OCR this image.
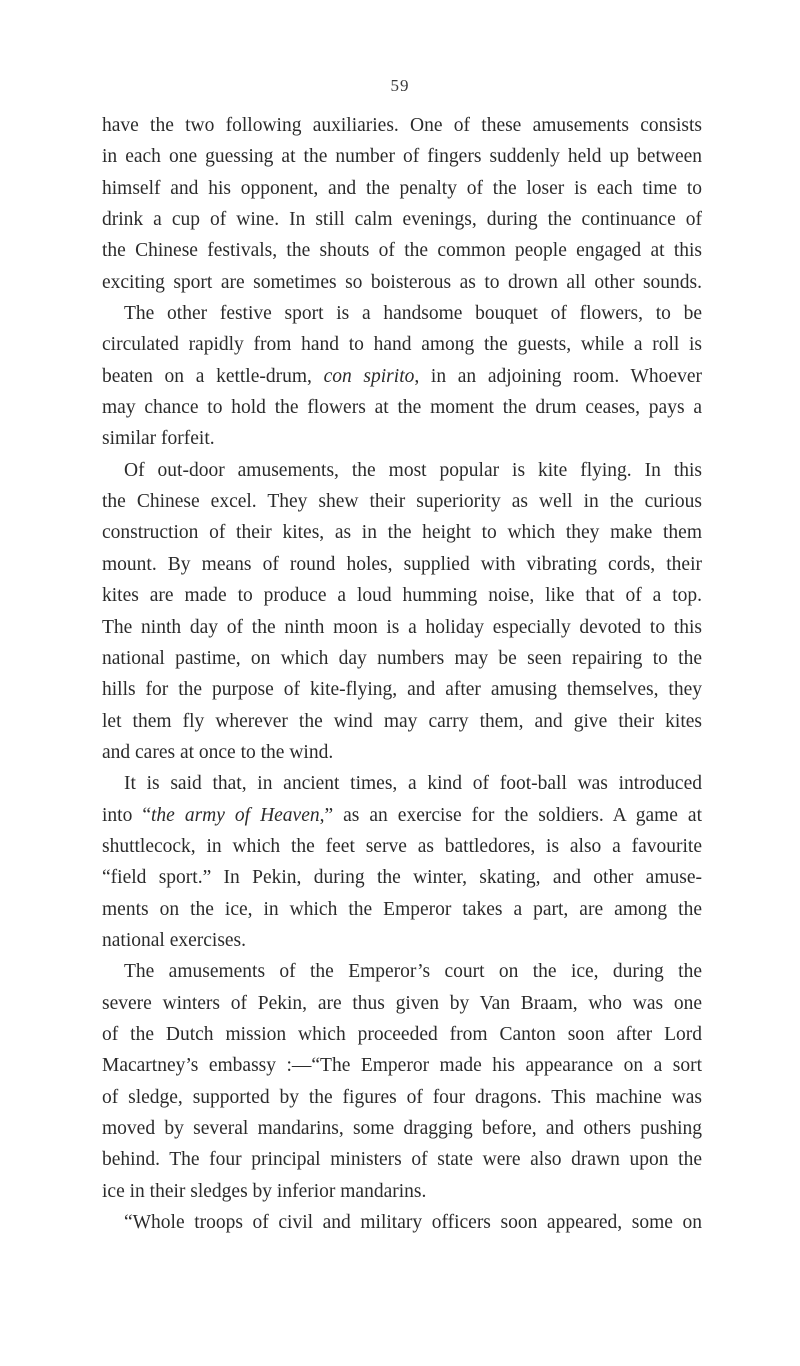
59
have the two following auxiliaries. One of these amusements consists
in each one guessing at the number of fingers suddenly held up between
himself and his opponent, and the penalty of the loser is each time to
drink a cup of wine. In still calm evenings, during the continuance of
the Chinese festivals, the shouts of the common people engaged at this
exciting sport are sometimes so boisterous as to drown all other sounds.
The other festive sport is a handsome bouquet of flowers, to be
circulated rapidly from hand to hand among the guests, while a roll is
beaten on a kettle-drum, con spirito, in an adjoining room. Whoever
may chance to hold the flowers at the moment the drum ceases, pays a
similar forfeit.
Of out-door amusements, the most popular is kite flying. In this
the Chinese excel. They shew their superiority as well in the curious
construction of their kites, as in the height to which they make them
mount. By means of round holes, supplied with vibrating cords, their
kites are made to produce a loud humming noise, like that of a top.
The ninth day of the ninth moon is a holiday especially devoted to this
national pastime, on which day numbers may be seen repairing to the
hills for the purpose of kite-flying, and after amusing themselves, they
let them fly wherever the wind may carry them, and give their kites
and cares at once to the wind.
It is said that, in ancient times, a kind of foot-ball was introduced
into “the army of Heaven,” as an exercise for the soldiers. A game at
shuttlecock, in which the feet serve as battledores, is also a favourite
“field sport.” In Pekin, during the winter, skating, and other amuse-
ments on the ice, in which the Emperor takes a part, are among the
national exercises.
The amusements of the Emperor’s court on the ice, during the
severe winters of Pekin, are thus given by Van Braam, who was one
of the Dutch mission which proceeded from Canton soon after Lord
Macartney’s embassy :—“The Emperor made his appearance on a sort
of sledge, supported by the figures of four dragons. This machine was
moved by several mandarins, some dragging before, and others pushing
behind. The four principal ministers of state were also drawn upon the
ice in their sledges by inferior mandarins.
“Whole troops of civil and military officers soon appeared, some on
